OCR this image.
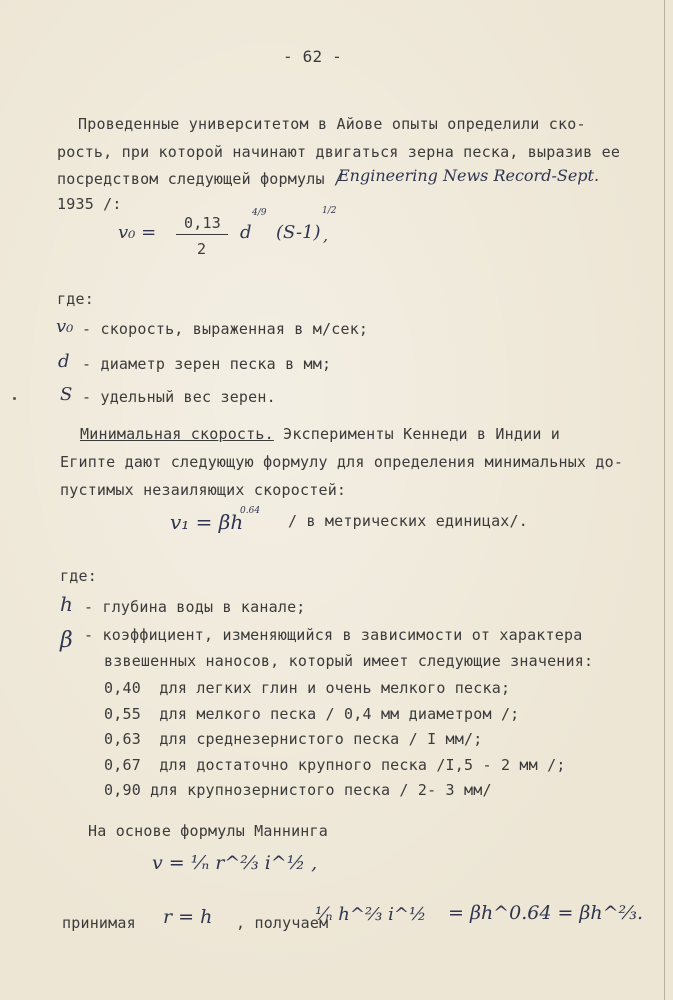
- 62 -
Проведенные университетом в Айове опыты определили ско-
рость, при которой начинают двигаться зерна песка, выразив ее
посредством следующей формулы /
Engineering News Record-Sept.
1935 /:
v₀ = 0,13
2
d
4/9
(S-1)
1/2
,
где:
v₀ - скорость, выраженная в м/сек;
d - диаметр зерен песка в мм;
S - удельный вес зерен.
Минимальная скорость. Эксперименты Кеннеди в Индии и
Египте дают следующую формулу для определения минимальных до-
пустимых незаиляющих скоростей:
v₁ = βh
0.64
/ в метрических единицах/.
где:
h - глубина воды в канале;
β - коэффициент, изменяющийся в зависимости от характера
взвешенных наносов, который имеет следующие значения:
0,40 для легких глин и очень мелкого песка;
0,55 для мелкого песка / 0,4 мм диаметром /;
0,63 для среднезернистого песка / I мм/;
0,67 для достаточно крупного песка /I,5 - 2 мм /;
0,90 для крупнозернистого песка / 2- 3 мм/
На основе формулы Маннинга
v = ¹⁄ₙ r^⅔ i^½ ,
принимая r = h , получаем
¹⁄ₙ h^⅔ i^½ = βh^0.64 = βh^⅔.
